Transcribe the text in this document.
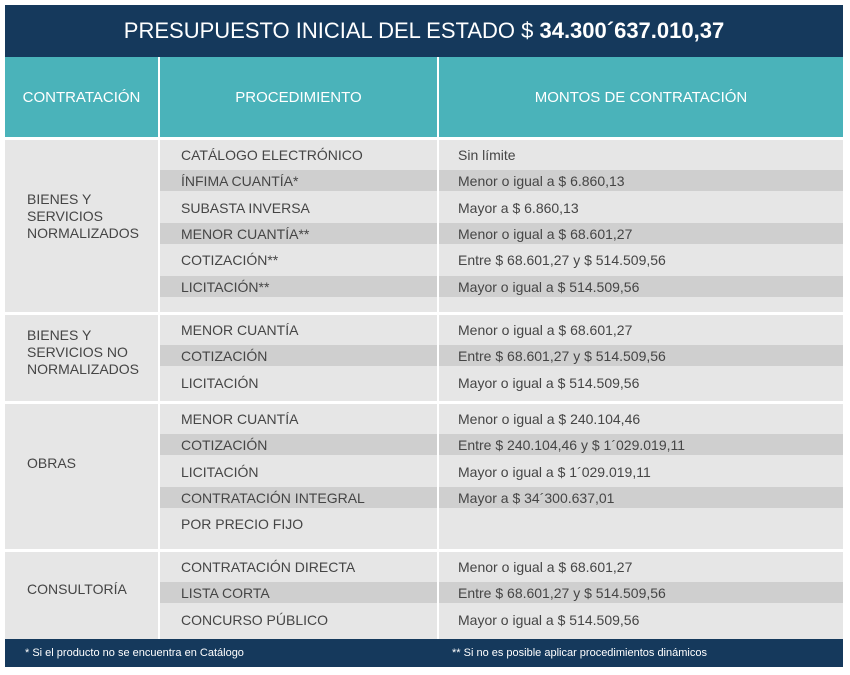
PRESUPUESTO INICIAL DEL ESTADO $ 34.300´637.010,37
CONTRATACIÓN	PROCEDIMIENTO	MONTOS DE CONTRATACIÓN
BIENES Y
SERVICIOS
NORMALIZADOS
CATÁLOGO ELECTRÓNICO	Sin límite
ÍNFIMA CUANTÍA*	Menor o igual a $ 6.860,13
SUBASTA INVERSA	Mayor a $ 6.860,13
MENOR CUANTÍA**	Menor o igual a $ 68.601,27
COTIZACIÓN**	Entre $ 68.601,27 y $ 514.509,56
LICITACIÓN**	Mayor o igual a $ 514.509,56
BIENES Y
SERVICIOS NO
NORMALIZADOS
MENOR CUANTÍA	Menor o igual a $ 68.601,27
COTIZACIÓN	Entre $ 68.601,27 y $ 514.509,56
LICITACIÓN	Mayor o igual a $ 514.509,56
OBRAS
MENOR CUANTÍA	Menor o igual a $ 240.104,46
COTIZACIÓN	Entre $ 240.104,46 y $ 1´029.019,11
LICITACIÓN	Mayor o igual a $ 1´029.019,11
CONTRATACIÓN INTEGRAL	Mayor a $ 34´300.637,01
POR PRECIO FIJO
CONSULTORÍA
CONTRATACIÓN DIRECTA	Menor o igual a $ 68.601,27
LISTA CORTA	Entre $ 68.601,27 y $ 514.509,56
CONCURSO PÚBLICO	Mayor o igual a $ 514.509,56
* Si el producto no se encuentra en Catálogo	** Si no es posible aplicar procedimientos dinámicos
